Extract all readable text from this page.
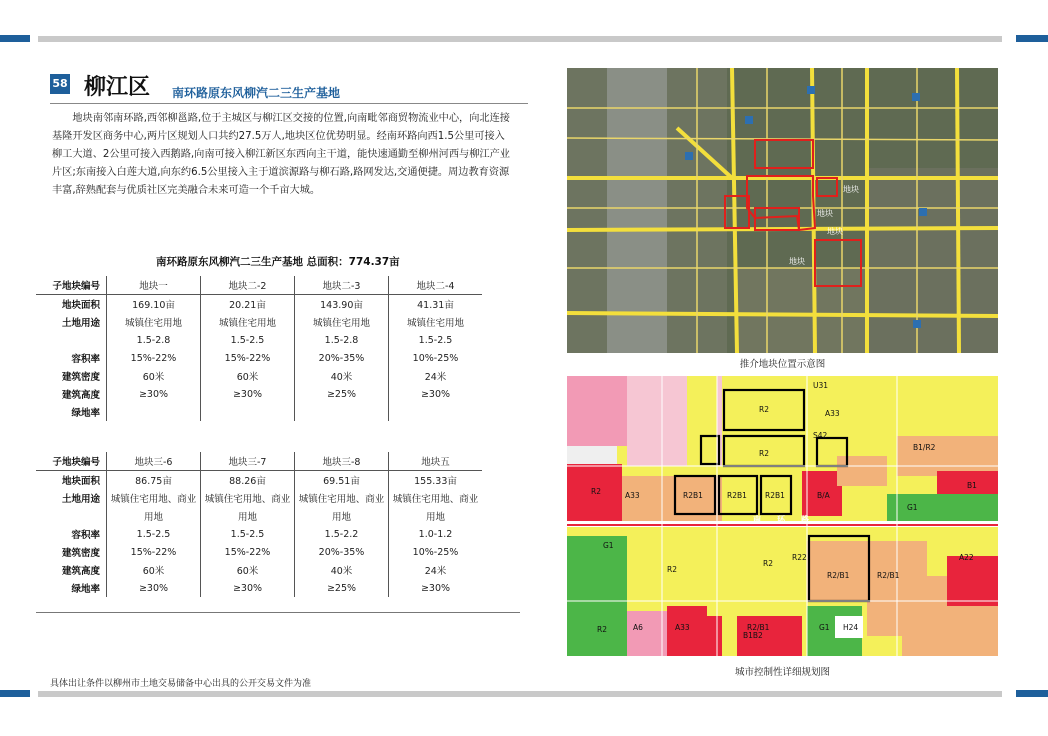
58 柳江区 南环路原东风柳汽二三生产基地
地块南邻南环路,西邻柳邕路,位于主城区与柳江区交接的位置,向南毗邻商贸物流业中心，向北连接基隆开发区商务中心,两片区规划人口共约27.5万人,地块区位优势明显。经南环路向西1.5公里可接入柳工大道、2公里可接入西鹅路,向南可接入柳江新区东西向主干道，能快速通勤至柳州河西与柳江产业片区;东南接入白莲大道,向东约6.5公里接入主于道滨源路与柳石路,路网发达,交通便捷。周边教育资源丰富,辞熟配套与优质社区完美融合未来可造一个千亩大城。
南环路原东风柳汽二三生产基地 总面积：774.37亩
子地块编号	地块一	地块二-2	地块二-3	地块二-4
地块面积	169.10亩	20.21亩	143.90亩	41.31亩
土地用途	城镇住宅用地	城镇住宅用地	城镇住宅用地	城镇住宅用地
	1.5-2.8	1.5-2.5	1.5-2.8	1.5-2.5
容积率	15%-22%	15%-22%	20%-35%	10%-25%
建筑密度	60米	60米	40米	24米
建筑高度	≥30%	≥30%	≥25%	≥30%
绿地率				
子地块编号	地块三-6	地块三-7	地块三-8	地块五
地块面积	86.75亩	88.26亩	69.51亩	155.33亩
土地用途	城镇住宅用地、商业	城镇住宅用地、商业	城镇住宅用地、商业	城镇住宅用地、商业
	用地	用地	用地	用地
容积率	1.5-2.5	1.5-2.5	1.5-2.2	1.0-1.2
建筑密度	15%-22%	15%-22%	20%-35%	10%-25%
建筑高度	60米	60米	40米	24米
绿地率	≥30%	≥30%	≥25%	≥30%
具体出让条件以柳州市土地交易储备中心出具的公开交易文件为准
地块
地块
地块
地块
推介地块位置示意图
R2
R2
R2
R2
R2
R2
R2B1	R2B1 R2B1	B/A
B1/R2
B1
A33
A33
A33
R2/B1	R2/B1
R2/B1
G1
G1
G1
H24
A6
B1B2
R22
S42
U31
A22
南 环 路
城市控制性详细规划图
